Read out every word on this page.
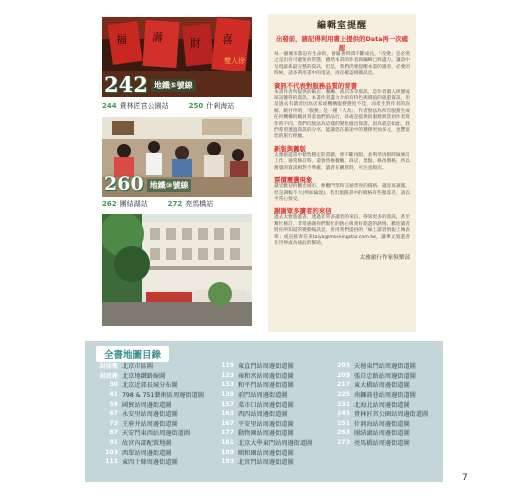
福 壽 財 喜
雙人徐
242 地鐵⑤號線
244 貴林匠宮公園站	250 什剎海站
260 地鐵⑩號線
262 團結湖站	272 亮馬橋站
編輯室提醒
出發前，請記得利用書上提供的Data再一次確認

每一個城市都是有生命的，會隨著時間不斷成長，「改變」是必然之是出有可避免的常態，雖然本書的作者與編輯已經盡力，讓書中呈現最新最完整的資訊，但是，我們仍要提醒本書的讀者，必要的時候，請多利用書中的電話，再次確認相關訊息。

資訊不代表對服務品質的背書

本書作者所提供的飯店、餐廳、商店等等資訊，是作者個人經歷或採訪獲得的資訊。本書作者盡力介紹有特色與價值的旅遊資訊，但是過去有讀者因為店家或機構服務態度不佳，而產生對作者的誤解。敝社申明，「服務」是一種「人為」，作者無法為所有服務生或任何機構的職員背書他們的品行，甚或是提供的服務與當初作者寫作時不同，我們均無法為這樣的變化做出保證。因為就是如此，我們希望透過資訊的分享，能讓您在旅途中的選擇更加多元，也豐富您的旅行經驗。

新版與舊版

太雅旅遊書中銷售穩定的書籍，會不斷再版，並利用再版時做修訂工作。通常修訂時，還會替換餐廳、商店、景點，修改價格，所以舊版的資訊相對不準確，讀者在購買時，可注意版次。

票價震盪現象

越受歡迎的觀光城市，參觀門票和交通票券的價格，越容易調漲，但是調幅不大(例如倫敦)，若出現跟書中的價格有些微落差，請以平常心接受。

謝謝眾多讀者的來信

過去太雅旅遊書，透過非常多讀者的來信，得知更多的資訊，甚至幫忙修訂，非常感謝你們幫忙的熱心與愛好旅遊的熱情。歡迎讀者將你所知道的變動後訊息，善用我們提供的「線上讀者情報上傳表單」或直接寄信來taiya@morningstar.com.tw，讓華文旅遊者在世界成為彼此的幫助。

太雅旅行作家俱樂部
全書地圖目錄
封面裡 北京市區圖
封底裡 北京地鐵路線圖
30 北京近郊長城分布圖
41 798 & 751藝術區周邊街道圖
59 國貿站周邊街道圖
67 永安里站周邊街道圖
73 王府井站周邊街道圖
87 天安門東西站周邊街道圖
91 故宮內部配置地圖
103 西單站周邊街道圖
111 東四十條周邊街道圖
119 東直門站周邊街道圖
123 雍和宮站周邊街道圖
133 和平門站周邊街道圖
139 前門站周邊街道圖
157 菜市口站周邊街道圖
163 西四站周邊街道圖
167 平安里站周邊街道圖
177 動物園站周邊街道圖
181 北京大學東門站周邊街道圖
189 頤和園站周邊街道圖
193 北宮門站周邊街道圖
203 天壇東門站周邊街道圖
209 張自忠路站周邊街道圖
217 東大橋站周邊街道圖
225 南鑼鼓巷站周邊街道圖
231 北海北站周邊街道圖
245 貴林匠宮公園站周邊街道圖
251 什剎海站周邊街道圖
263 團結湖站周邊街道圖
273 亮馬橋站周邊街道圖
7
